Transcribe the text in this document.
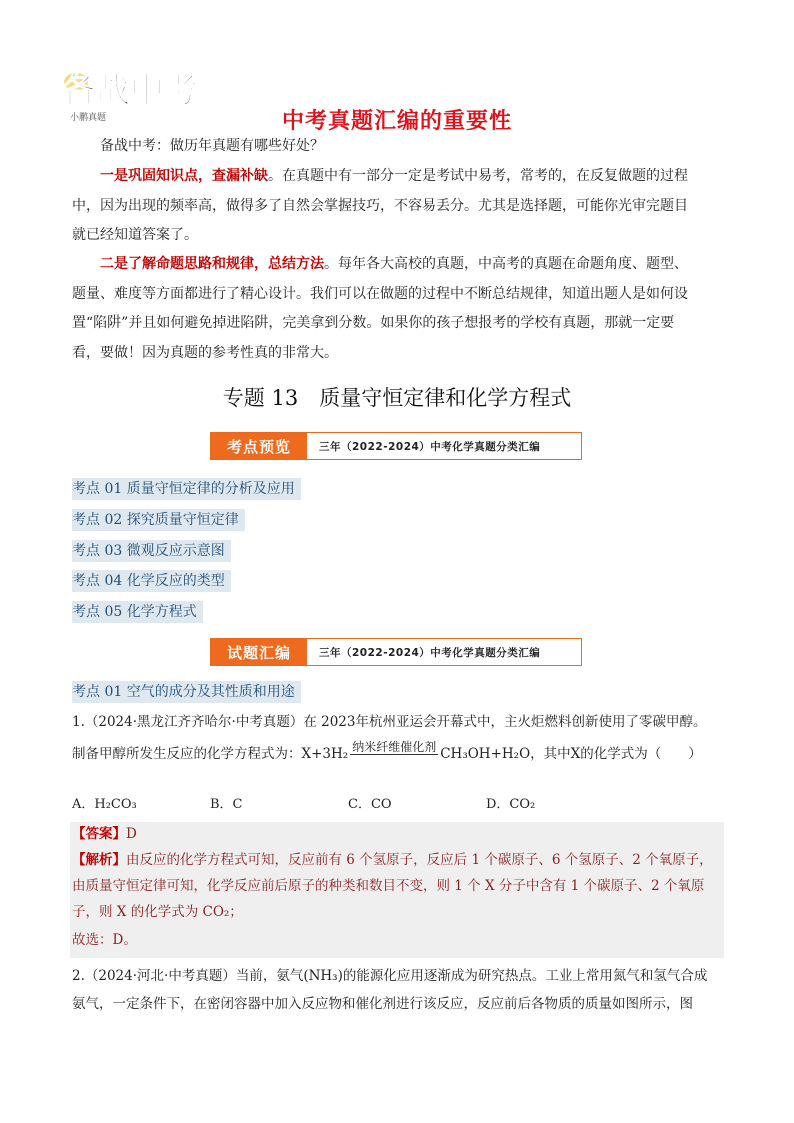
备战中考
小鹏真题	中考真题汇编的重要性
备战中考：做历年真题有哪些好处？
一是巩固知识点，查漏补缺。在真题中有一部分一定是考试中易考，常考的，在反复做题的过程
中，因为出现的频率高，做得多了自然会掌握技巧，不容易丢分。尤其是选择题，可能你光审完题目
就已经知道答案了。
二是了解命题思路和规律，总结方法。每年各大高校的真题，中高考的真题在命题角度、题型、
题量、难度等方面都进行了精心设计。我们可以在做题的过程中不断总结规律，知道出题人是如何设
置“陷阱”并且如何避免掉进陷阱，完美拿到分数。如果你的孩子想报考的学校有真题，那就一定要
看，要做！因为真题的参考性真的非常大。
专题 13　质量守恒定律和化学方程式
考点预览	三年（2022-2024）中考化学真题分类汇编
考点 01 质量守恒定律的分析及应用
考点 02 探究质量守恒定律
考点 03 微观反应示意图
考点 04 化学反应的类型
考点 05 化学方程式
试题汇编	三年（2022-2024）中考化学真题分类汇编
考点 01 空气的成分及其性质和用途
1.（2024·黑龙江齐齐哈尔·中考真题）在 2023年杭州亚运会开幕式中，主火炬燃料创新使用了零碳甲醇。
制备甲醇所发生反应的化学方程式为：X+3H₂ 纳米纤维催化剂 CH₃OH+H₂O，其中X的化学式为（　　）
A．H₂CO₃	B．C	C．CO	D．CO₂
【答案】D
【解析】由反应的化学方程式可知，反应前有 6 个氢原子，反应后 1 个碳原子、6 个氢原子、2 个氧原子，
由质量守恒定律可知，化学反应前后原子的种类和数目不变，则 1 个 X 分子中含有 1 个碳原子、2 个氧原
子，则 X 的化学式为 CO₂；
故选：D。
2.（2024·河北·中考真题）当前，氨气(NH₃)的能源化应用逐渐成为研究热点。工业上常用氮气和氢气合成
氨气，一定条件下，在密闭容器中加入反应物和催化剂进行该反应，反应前后各物质的质量如图所示，图
